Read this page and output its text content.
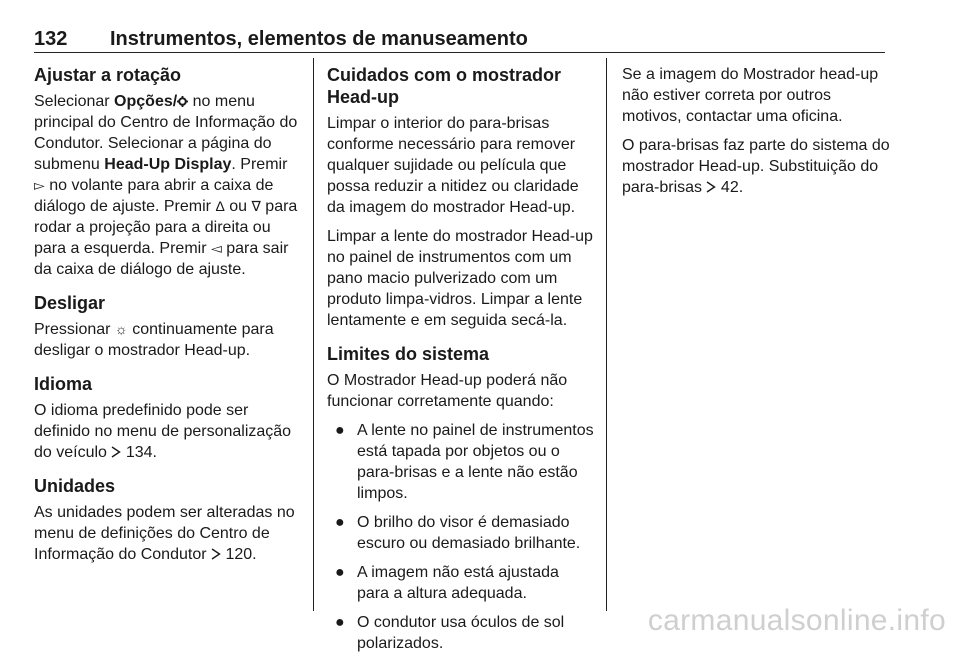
132 Instrumentos, elementos de manuseamento
Ajustar a rotação

Selecionar Opções/ no menu principal do Centro de Informação do Condutor. Selecionar a página do submenu Head-Up Display. Premir ▻ no volante para abrir a caixa de diálogo de ajuste. Premir Δ ou ∇ para rodar a projeção para a direita ou para a esquerda. Premir ◅ para sair da caixa de diálogo de ajuste.

Desligar

Pressionar ☼ continuamente para desligar o mostrador Head-up.

Idioma

O idioma predefinido pode ser definido no menu de personalização do veículo  134.

Unidades

As unidades podem ser alteradas no menu de definições do Centro de Informação do Condutor  120.

Cuidados com o mostrador Head-up

Limpar o interior do para-brisas conforme necessário para remover qualquer sujidade ou película que possa reduzir a nitidez ou claridade da imagem do mostrador Head-up.

Limpar a lente do mostrador Head-up no painel de instrumentos com um pano macio pulverizado com um produto limpa-vidros. Limpar a lente lentamente e em seguida secá-la.

Limites do sistema

O Mostrador Head-up poderá não funcionar corretamente quando:

● A lente no painel de instrumentos está tapada por objetos ou o para-brisas e a lente não estão limpos.
● O brilho do visor é demasiado escuro ou demasiado brilhante.
● A imagem não está ajustada para a altura adequada.
● O condutor usa óculos de sol polarizados.

Se a imagem do Mostrador head-up não estiver correta por outros motivos, contactar uma oficina.

O para-brisas faz parte do sistema do mostrador Head-up. Substituição do para-brisas  42.

carmanualsonline.info
